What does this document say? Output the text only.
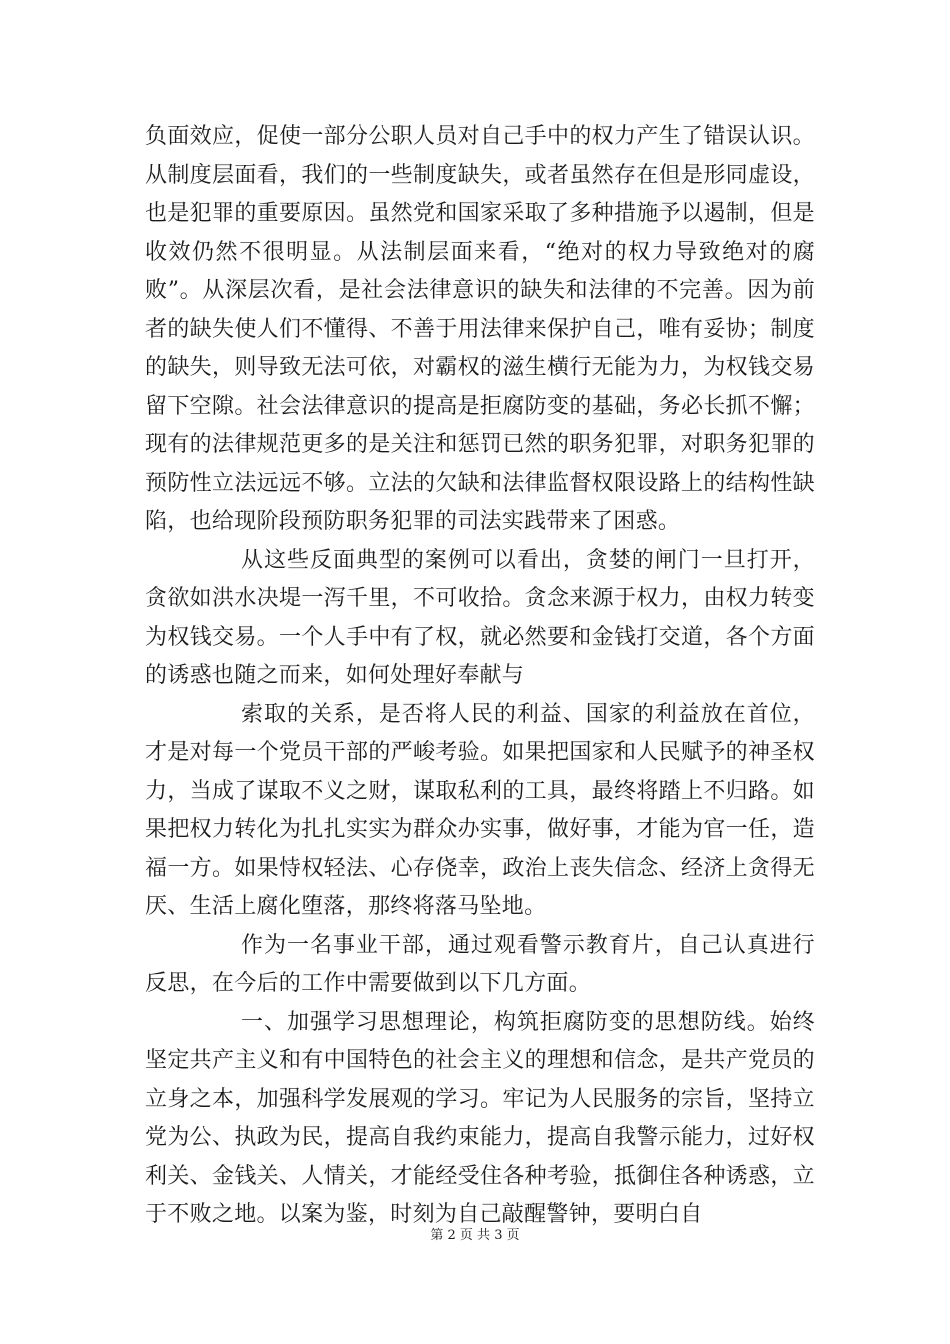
负面效应，促使一部分公职人员对自己手中的权力产生了错误认识。从制度层面看，我们的一些制度缺失，或者虽然存在但是形同虚设，也是犯罪的重要原因。虽然党和国家采取了多种措施予以遏制，但是收效仍然不很明显。从法制层面来看，“绝对的权力导致绝对的腐败”。从深层次看，是社会法律意识的缺失和法律的不完善。因为前者的缺失使人们不懂得、不善于用法律来保护自己，唯有妥协；制度的缺失，则导致无法可依，对霸权的滋生横行无能为力，为权钱交易留下空隙。社会法律意识的提高是拒腐防变的基础，务必长抓不懈；现有的法律规范更多的是关注和惩罚已然的职务犯罪，对职务犯罪的预防性立法远远不够。立法的欠缺和法律监督权限设路上的结构性缺陷，也给现阶段预防职务犯罪的司法实践带来了困惑。

从这些反面典型的案例可以看出，贪婪的闸门一旦打开，贪欲如洪水决堤一泻千里，不可收拾。贪念来源于权力，由权力转变为权钱交易。一个人手中有了权，就必然要和金钱打交道，各个方面的诱惑也随之而来，如何处理好奉献与

索取的关系，是否将人民的利益、国家的利益放在首位，才是对每一个党员干部的严峻考验。如果把国家和人民赋予的神圣权力，当成了谋取不义之财，谋取私利的工具，最终将踏上不归路。如果把权力转化为扎扎实实为群众办实事，做好事，才能为官一任，造福一方。如果恃权轻法、心存侥幸，政治上丧失信念、经济上贪得无厌、生活上腐化堕落，那终将落马坠地。

作为一名事业干部，通过观看警示教育片，自己认真进行反思，在今后的工作中需要做到以下几方面。

一、加强学习思想理论，构筑拒腐防变的思想防线。始终坚定共产主义和有中国特色的社会主义的理想和信念，是共产党员的立身之本，加强科学发展观的学习。牢记为人民服务的宗旨，坚持立党为公、执政为民，提高自我约束能力，提高自我警示能力，过好权利关、金钱关、人情关，才能经受住各种考验，抵御住各种诱惑，立于不败之地。以案为鉴，时刻为自己敲醒警钟，要明白自

第 2 页 共 3 页
